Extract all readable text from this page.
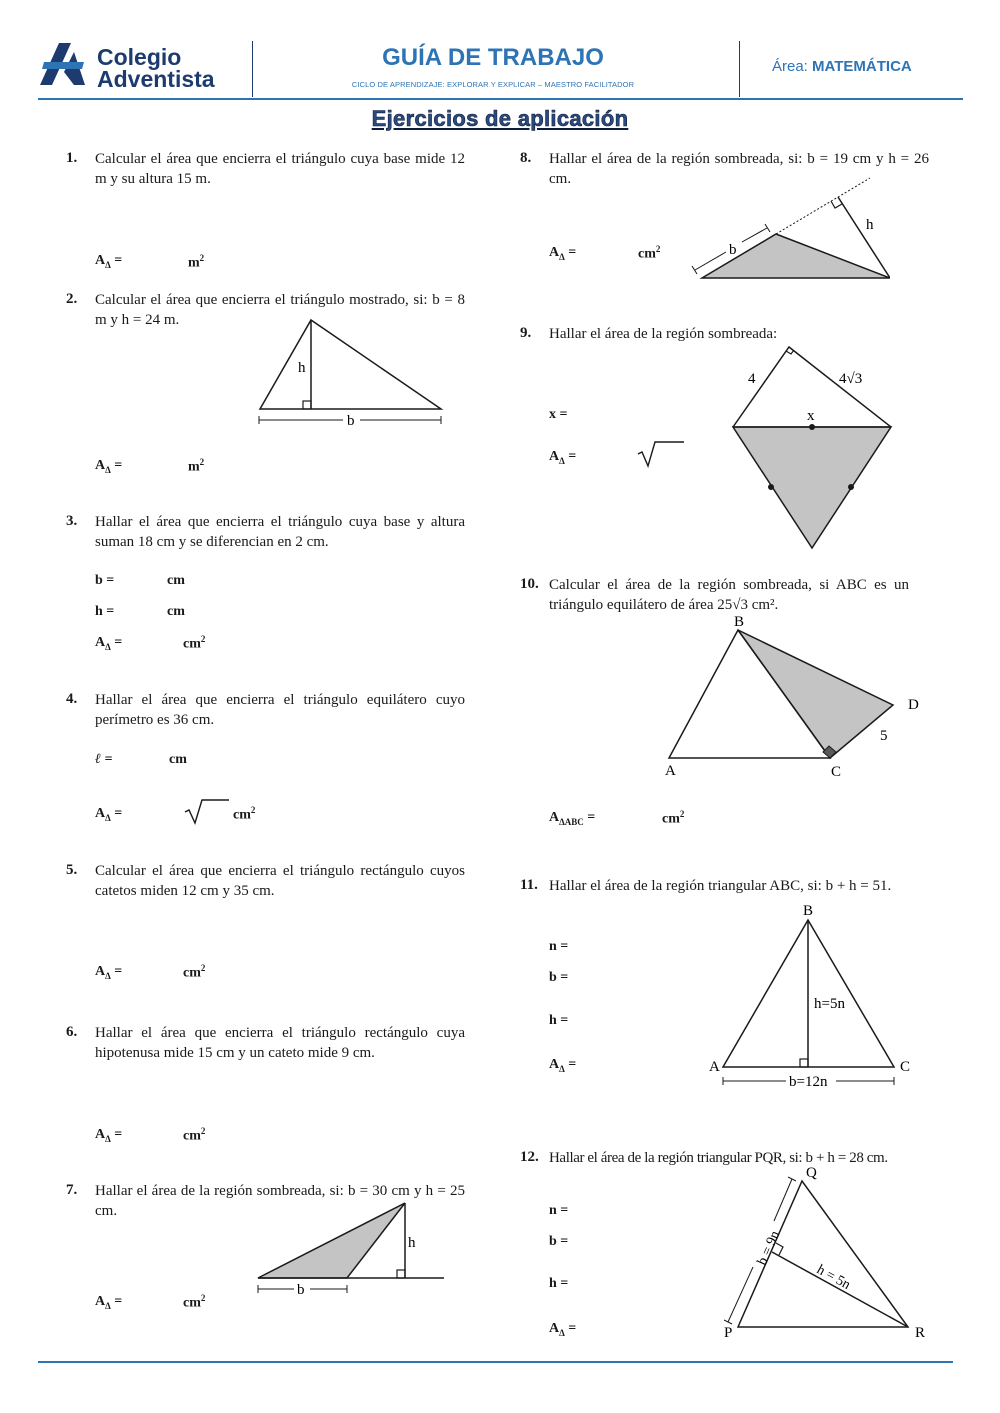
Colegio
Adventista
GUÍA DE TRABAJO
CICLO DE APRENDIZAJE: EXPLORAR Y EXPLICAR – MAESTRO FACILITADOR
Área: MATEMÁTICA
Ejercicios de aplicación
1. Calcular el área que encierra el triángulo cuya base mide 12 m y su altura 15 m.
$A_\Delta$ =	$m^2$
2. Calcular el área que encierra el triángulo mostrado, si: b = 8 m y h = 24 m.
h
b
$A_\Delta$ =	$m^2$
3. Hallar el área que encierra el triángulo cuya base y altura suman 18 cm y se diferencian en 2 cm.
b =	cm
h =	cm
$A_\Delta$ =	$cm^2$
4. Hallar el área que encierra el triángulo equilátero cuyo perímetro es 36 cm.
ℓ =	cm
$A_\Delta$ =	$cm^2$
5. Calcular el área que encierra el triángulo rectángulo cuyos catetos miden 12 cm y 35 cm.
$A_\Delta$ =	$cm^2$
6. Hallar el área que encierra el triángulo rectángulo cuya hipotenusa mide 15 cm y un cateto mide 9 cm.
$A_\Delta$ =	$cm^2$
7. Hallar el área de la región sombreada, si: b = 30 cm y h = 25 cm.
h
b
$A_\Delta$ =	$cm^2$
8. Hallar el área de la región sombreada, si: b = 19 cm y h = 26 cm.
$A_\Delta$ =	$cm^2$
h
b
9. Hallar el área de la región sombreada:
x =
$A_\Delta$ =
4	4√3
x
10. Calcular el área de la región sombreada, si ABC es un triángulo equilátero de área 25√3 cm².
B
A	C
D
5
$A_{\Delta ABC}$ =	$cm^2$
11. Hallar el área de la región triangular ABC, si: b + h = 51.
n =
b =
h =
$A_\Delta$ =
B
A	C
h=5n
b=12n
12. Hallar el área de la región triangular PQR, si: b + h = 28 cm.
n =
b =
h =
$A_\Delta$ =
Q
P	R
b = 9n
h = 5n
